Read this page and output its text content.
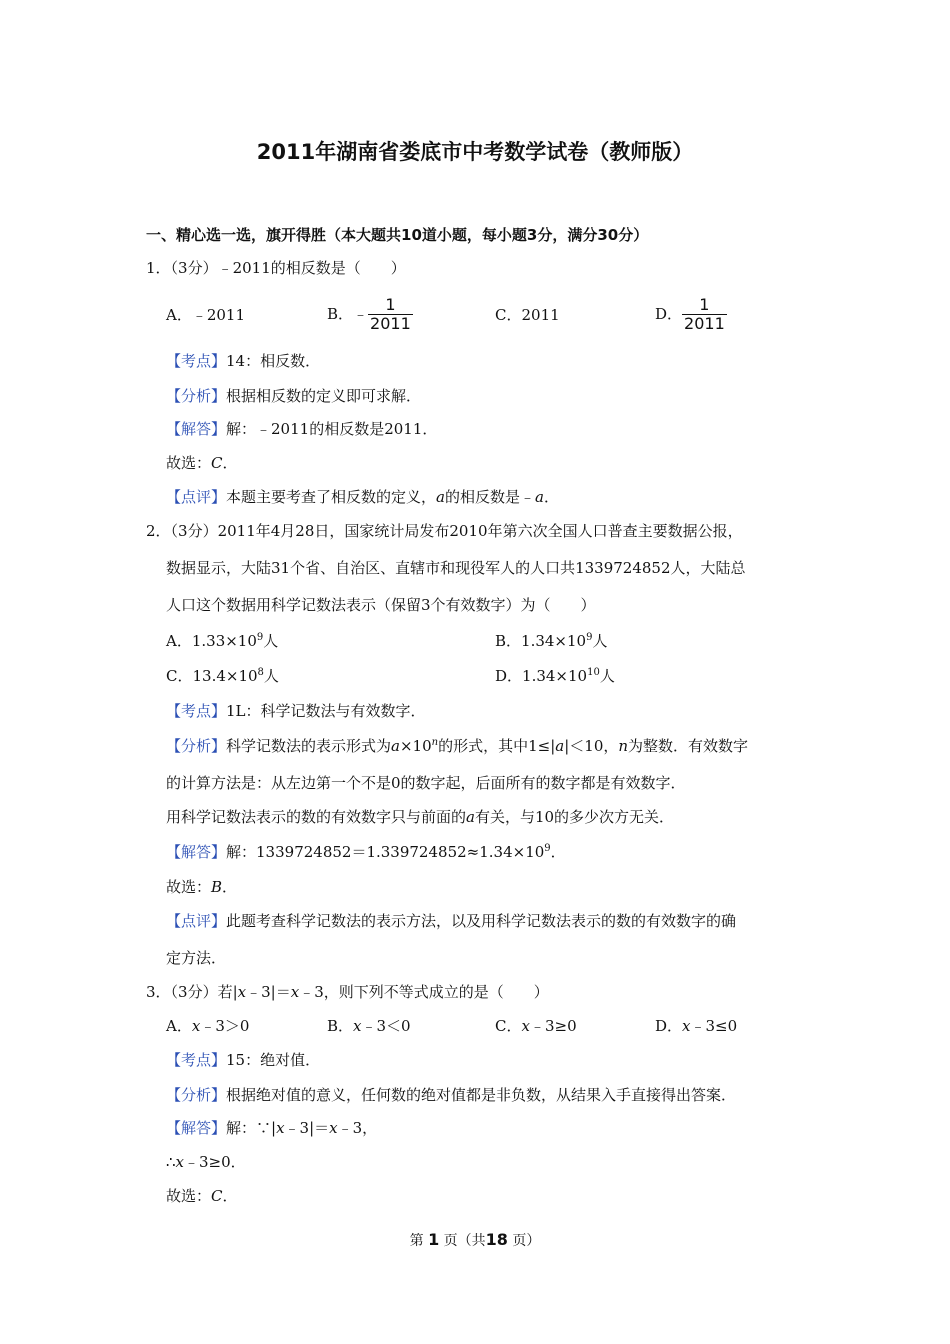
2011年湖南省娄底市中考数学试卷（教师版）
一、精心选一选，旗开得胜（本大题共10道小题，每小题3分，满分30分）
1．（3分）﹣2011的相反数是（　　）
A．﹣2011	B． ﹣ $\frac{1}{2011}$	C．2011	D． $\frac{1}{2011}$
【考点】14：相反数．
【分析】根据相反数的定义即可求解．
【解答】解：﹣2011的相反数是2011．
故选：C．
【点评】本题主要考查了相反数的定义，a的相反数是﹣a．
2．（3分）2011年4月28日，国家统计局发布2010年第六次全国人口普查主要数据公报，
数据显示，大陆31个省、自治区、直辖市和现役军人的人口共1339724852人，大陆总
人口这个数据用科学记数法表示（保留3个有效数字）为（　　）
A．$1.33\times 10^9$人	B．$1.34\times 10^9$人
C．$13.4\times 10^8$人	D．$1.34\times 10^{10}$人
【考点】1L：科学记数法与有效数字．
【分析】科学记数法的表示形式为$a\times 10^n$的形式，其中1≤|a|＜10，n为整数．有效数字
的计算方法是：从左边第一个不是0的数字起，后面所有的数字都是有效数字．
用科学记数法表示的数的有效数字只与前面的a有关，与10的多少次方无关．
【解答】解：$1339724852=1.339724852\approx 1.34\times 10^9$．
故选：B．
【点评】此题考查科学记数法的表示方法，以及用科学记数法表示的数的有效数字的确
定方法．
3．（3分）若|x﹣3|＝x﹣3，则下列不等式成立的是（　　）
A．x﹣3＞0	B．x﹣3＜0	C．x﹣3≥0	D．x﹣3≤0
【考点】15：绝对值．
【分析】根据绝对值的意义，任何数的绝对值都是非负数，从结果入手直接得出答案．
【解答】解：∵|x﹣3|＝x﹣3，
∴x﹣3≥0．
故选：C．
第 1 页（共18 页）
